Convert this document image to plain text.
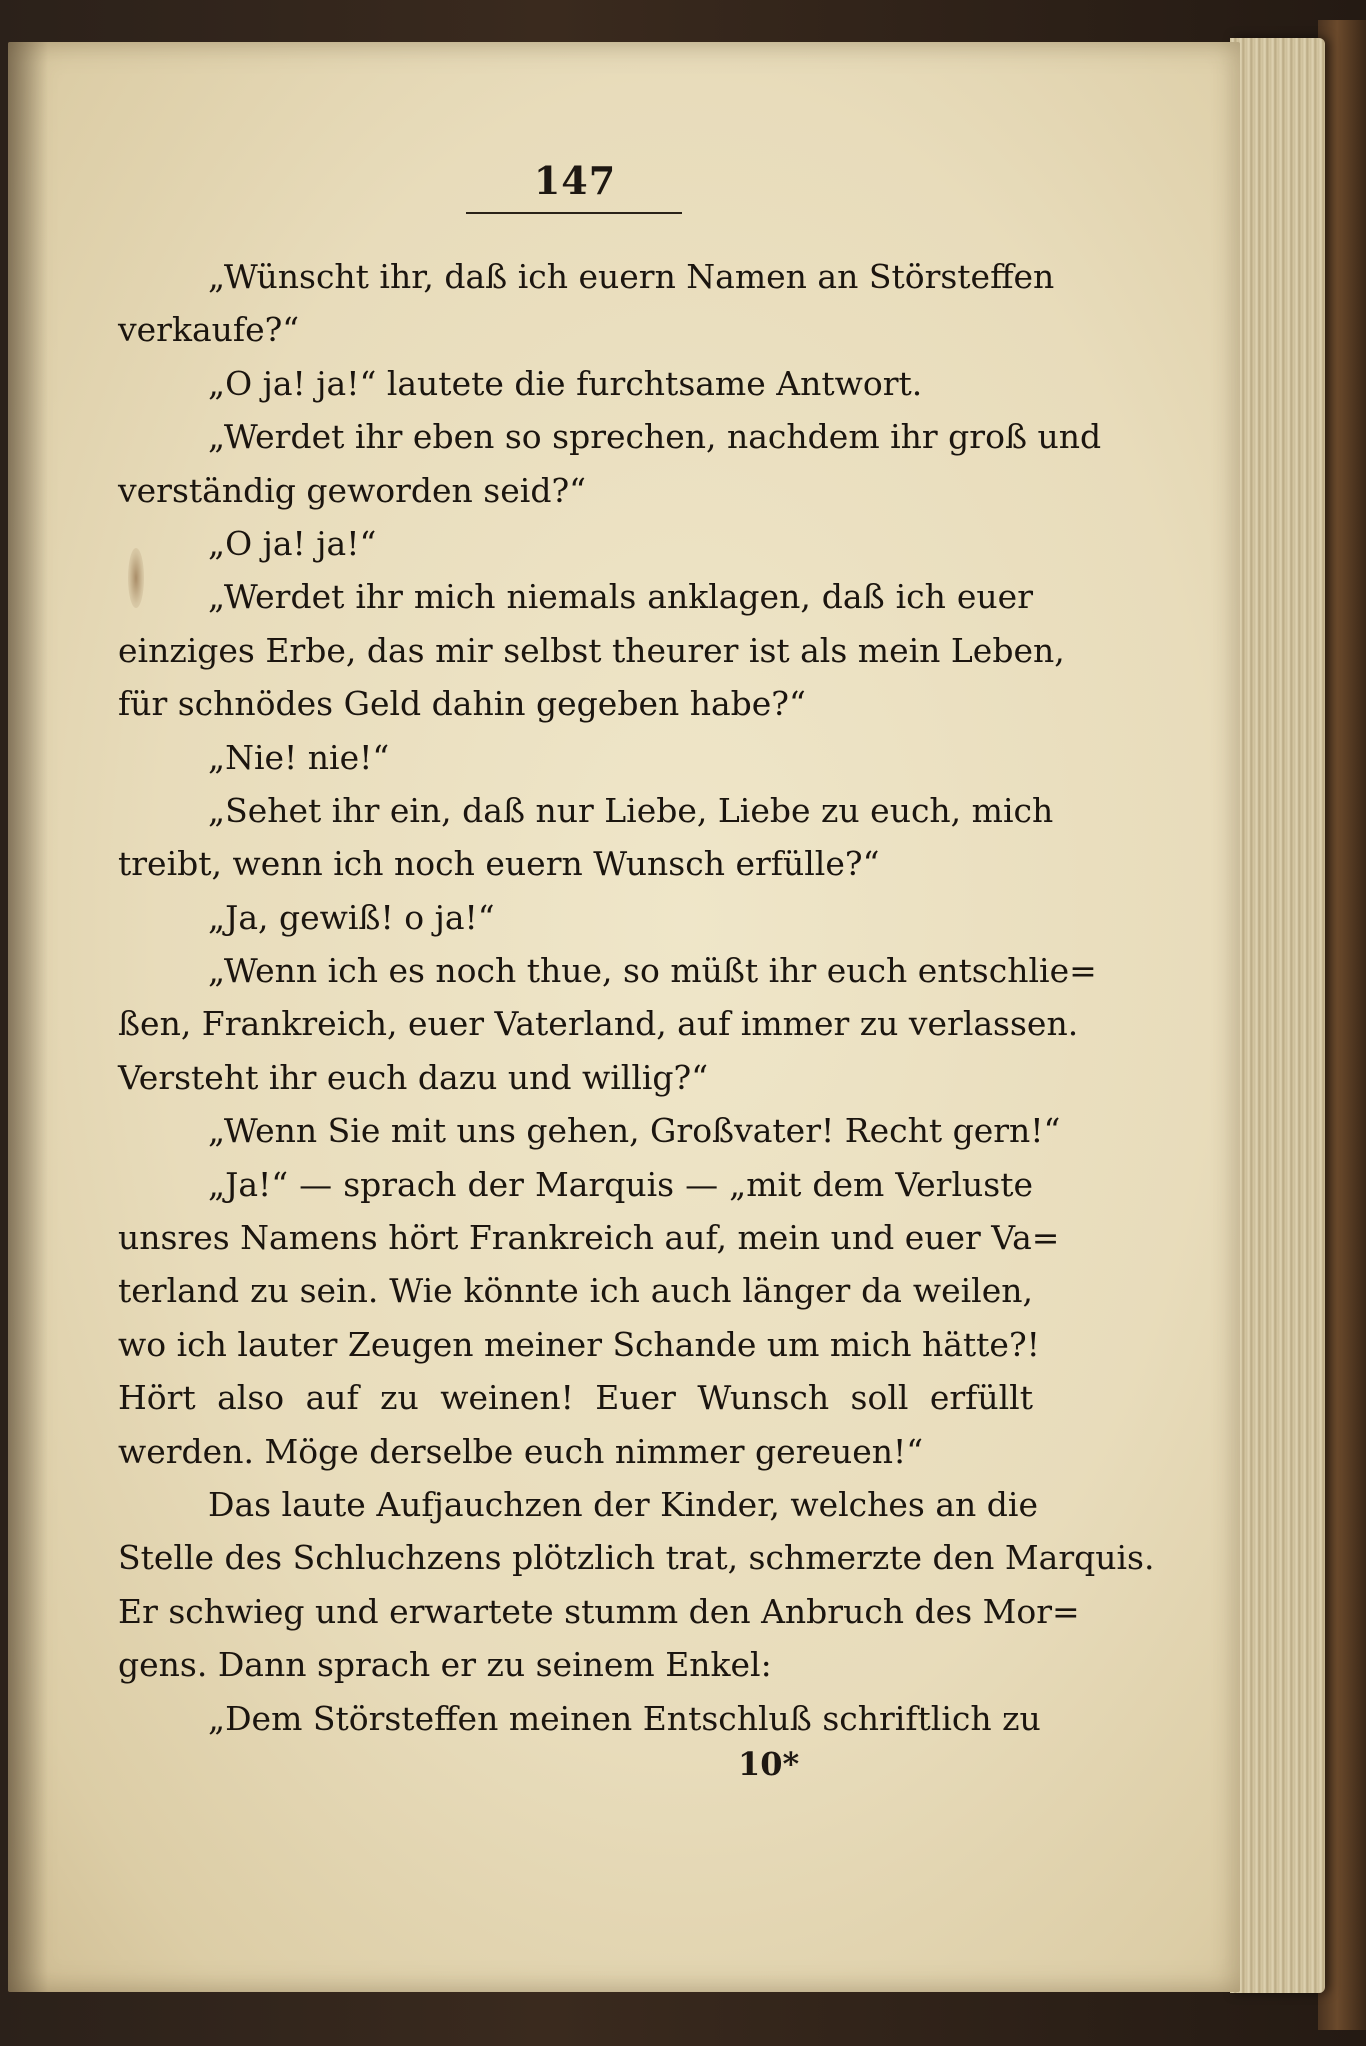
147
„Wünscht ihr, daß ich euern Namen an Störsteffen
verkaufe?“
„O ja! ja!“ lautete die furchtsame Antwort.
„Werdet ihr eben so sprechen, nachdem ihr groß und
verständig geworden seid?“
„O ja! ja!“
„Werdet ihr mich niemals anklagen, daß ich euer
einziges Erbe, das mir selbst theurer ist als mein Leben,
für schnödes Geld dahin gegeben habe?“
„Nie! nie!“
„Sehet ihr ein, daß nur Liebe, Liebe zu euch, mich
treibt, wenn ich noch euern Wunsch erfülle?“
„Ja, gewiß! o ja!“
„Wenn ich es noch thue, so müßt ihr euch entschlie=
ßen, Frankreich, euer Vaterland, auf immer zu verlassen.
Versteht ihr euch dazu und willig?“
„Wenn Sie mit uns gehen, Großvater! Recht gern!“
„Ja!“ — sprach der Marquis — „mit dem Verluste
unsres Namens hört Frankreich auf, mein und euer Va=
terland zu sein. Wie könnte ich auch länger da weilen,
wo ich lauter Zeugen meiner Schande um mich hätte?!
Hört also auf zu weinen! Euer Wunsch soll erfüllt
werden. Möge derselbe euch nimmer gereuen!“
Das laute Aufjauchzen der Kinder, welches an die
Stelle des Schluchzens plötzlich trat, schmerzte den Marquis.
Er schwieg und erwartete stumm den Anbruch des Mor=
gens. Dann sprach er zu seinem Enkel:
„Dem Störsteffen meinen Entschluß schriftlich zu
10*
